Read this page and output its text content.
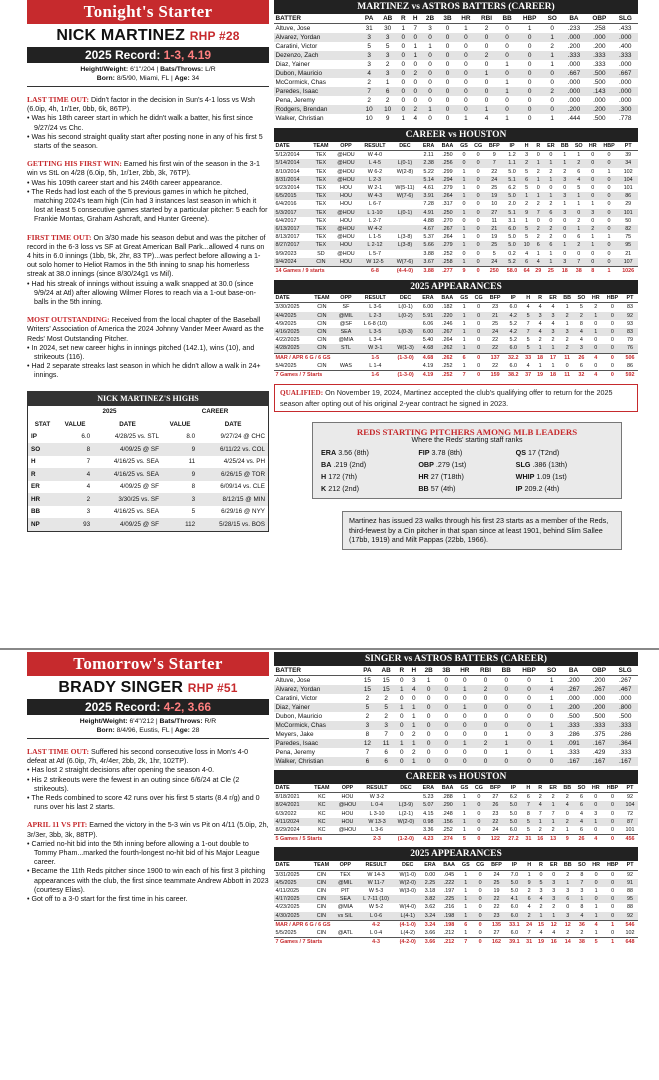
Tonight's Starter
NICK MARTINEZ RHP #28
2025 Record: 1-3, 4.19
Height/Weight: 6'1"/204 | Bats/Throws: L/R
Born: 8/5/90, Miami, FL | Age: 34
LAST TIME OUT: Didn't factor in the decision in Sun's 4-1 loss vs Wsh (6.0ip, 4h, 1r/1er, 0bb, 6k, 86TP).
• Was his 18th career start in which he didn't walk a batter, his first since 9/27/24 vs Chc.
• Was his second straight quality start after posting none in any of his first 5 starts of the season.
GETTING HIS FIRST WIN: Earned his first win of the season in the 3-1 win vs StL on 4/28 (6.0ip, 5h, 1r/1er, 2bb, 3k, 76TP).
• Was his 109th career start and his 246th career appearance.
• The Reds had lost each of the 5 previous games in which he pitched, matching 2024's team high (Cin had 3 instances last season in which it lost at least 5 consecutive games started by a particular pitcher: 5 each for Frankie Montas, Graham Ashcraft, and Hunter Greene).
FIRST TIME OUT: On 3/30 made his season debut and was the pitcher of record in the 6-3 loss vs SF at Great American Ball Park...allowed 4 runs on 4 hits in 6.0 innings (1bb, 5k, 2hr, 83 TP)...was perfect before allowing a 1-out solo homer to Heliot Ramos in the 5th inning to snap his homerless streak at 38.0 innings (since 8/30/24g1 vs Mil).
• Had his streak of innings without issuing a walk snapped at 30.0 (since 9/9/24 at Atl) after allowing Wilmer Flores to reach via a 1-out base-on-balls in the 5th inning.
MOST OUTSTANDING: Received from the local chapter of the Baseball Writers' Association of America the 2024 Johnny Vander Meer Award as the Reds' Most Outstanding Pitcher.
• In 2024, set new career highs in innings pitched (142.1), wins (10), and strikeouts (116).
• Had 2 separate streaks last season in which he didn't allow a walk in 24+ innings.
NICK MARTINEZ'S HIGHS
	2025		CAREER	
STAT	VALUE	DATE	VALUE	DATE
IP	6.0	4/28/25 vs. STL	8.0	9/27/24 @ CHC
SO	8	4/09/25 @ SF	9	6/11/22 vs. COL
H	7	4/16/25 vs. SEA	11	4/25/24 vs. PH
R	4	4/16/25 vs. SEA	9	6/26/15 @ TOR
ER	4	4/09/25 @ SF	8	6/09/14 vs. CLE
HR	2	3/30/25 vs. SF	3	8/12/15 @ MIN
BB	3	4/16/25 vs. SEA	5	6/29/16 @ NYY
NP	93	4/09/25 @ SF	112	5/28/15 vs. BOS
MARTINEZ vs ASTROS BATTERS (CAREER)
BATTER	PA	AB	R	H	2B	3B	HR	RBI	BB	HBP	SO	BA	OBP	SLG
Altuve, Jose	31	30	1	7	3	0	1	2	0	1	0	.233	.258	.433
Alvarez, Yordan	3	3	0	0	0	0	0	0	0	0	1	.000	.000	.000
Caratini, Victor	5	5	0	1	1	0	0	0	0	0	2	.200	.200	.400
Dezenzo, Zach	3	3	0	1	0	0	0	2	0	0	1	.333	.333	.333
Diaz, Yainer	3	2	0	0	0	0	0	0	1	0	1	.000	.333	.000
Dubon, Mauricio	4	3	0	2	0	0	0	1	0	0	0	.667	.500	.667
McCormick, Chas	2	1	0	0	0	0	0	0	1	0	0	.000	.500	.000
Paredes, Isaac	7	6	0	0	0	0	0	0	1	0	2	.000	.143	.000
Pena, Jeremy	2	2	0	0	0	0	0	0	0	0	0	.000	.000	.000
Rodgers, Brendan	10	10	0	2	1	0	0	1	0	0	0	.200	.200	.300
Walker, Christian	10	9	1	4	0	0	1	4	1	0	1	.444	.500	.778
CAREER vs HOUSTON
DATE	TEAM	OPP	RESULT	DEC	ERA	BAA	GS	CG	BFP	IP	H	R	ER	BB	SO	HR	HBP	PT
5/12/2014	TEX	@HOU	W 4-0		2.11	.250	0	0	9	1.2	3	0	0	1	1	0	0	39
5/14/2014	TEX	@HOU	L 4-5	L(0-1)	2.38	.256	0	0	7	1.1	2	1	1	1	2	0	0	34
8/10/2014	TEX	@HOU	W 6-2	W(2-8)	5.22	.299	1	0	22	5.0	5	2	2	2	6	0	1	102
8/31/2014	TEX	@HOU	L 2-3		5.14	.294	1	0	24	5.1	6	1	1	3	4	0	0	104
9/23/2014	TEX	HOU	W 2-1	W(5-11)	4.61	.279	1	0	25	6.2	5	0	0	0	5	0	0	101
6/5/2015	TEX	HOU	W 4-3	W(7-6)	3.91	.264	1	0	19	5.0	1	1	1	3	1	0	0	86
6/4/2016	TEX	HOU	L 6-7		7.28	.317	0	0	10	2.0	2	2	2	1	1	1	0	29
5/3/2017	TEX	@HOU	L 1-10	L(0-1)	4.91	.250	1	0	27	5.1	9	7	6	3	0	3	0	101
6/4/2017	TEX	HOU	L 2-7		4.88	.270	0	0	11	3.1	1	0	0	0	2	0	0	50
6/13/2017	TEX	@HOU	W 4-2		4.67	.267	1	0	21	6.0	5	2	2	0	1	2	0	82
8/13/2017	TEX	@HOU	L 1-5	L(3-8)	5.37	.264	1	0	19	5.0	5	2	2	0	6	1	1	75
8/27/2017	TEX	HOU	L 2-12	L(3-8)	5.66	.279	1	0	25	5.0	10	6	6	1	2	1	0	95
9/9/2023	SD	@HOU	L 5-7		3.88	.252	0	0	5	0.2	4	1	1	0	0	0	0	21
9/4/2024	CIN	HOU	W 12-5	W(7-6)	3.67	.258	1	0	24	5.2	6	4	1	3	7	0	0	107
14 Games / 9 starts			6-8	(4-4-0)	3.88	.277	9	0	250	58.0	64	29	25	18	38	8	1	1026
2025 APPEARANCES
DATE	TEAM	OPP	RESULT	DEC	ERA	BAA	GS	CG	BFP	IP	H	R	ER	BB	SO	HR	HBP	PT
3/30/2025	CIN	SF	L 3-6	L(0-1)	6.00	.182	1	0	23	6.0	4	4	4	1	5	2	0	83
4/4/2025	CIN	@MIL	L 2-3	L(0-2)	5.91	.220	1	0	21	4.2	5	3	3	2	2	1	0	92
4/9/2025	CIN	@SF	L 6-8 (10)		6.06	.246	1	0	25	5.2	7	4	4	1	8	0	0	93
4/16/2025	CIN	SEA	L 3-5	L(0-3)	6.00	.267	1	0	24	4.2	7	4	3	3	4	1	0	83
4/22/2025	CIN	@MIA	L 3-4		5.40	.264	1	0	22	5.2	5	2	2	2	4	0	0	79
4/28/2025	CIN	STL	W 3-1	W(1-3)	4.68	.262	1	0	22	6.0	5	1	1	2	3	0	0	76
MAR / APR 6 G / 6 GS			1-5	(1-3-0)	4.68	.262	6	0	137	32.2	33	18	17	11	26	4	0	506
5/4/2025	CIN	WAS	L 1-4		4.19	.252	1	0	22	6.0	4	1	1	0	6	0	0	86
7 Games / 7 Starts			1-6	(1-3-0)	4.19	.252	7	0	159	38.2	37	19	18	11	32	4	0	592
QUALIFIED: On November 19, 2024, Martinez accepted the club's qualifying offer to return for the 2025 season after opting out of his original 2-year contract he signed in 2023.
REDS STARTING PITCHERS AMONG MLB LEADERS
Where the Reds' starting staff ranks
ERA 3.56 (8th)	FIP 3.78 (8th)	QS 17 (T2nd)
BA .219 (2nd)	OBP .279 (1st)	SLG .386 (13th)
H 172 (7th)	HR 27 (T18th)	WHIP 1.09 (1st)
K 212 (2nd)	BB 57 (4th)	IP 209.2 (4th)
Martinez has issued 23 walks through his first 23 starts as a member of the Reds, third-fewest by a Cin pitcher in that span since at least 1901, behind Slim Sallee (17bb, 1919) and Milt Pappas (22bb, 1966).
Tomorrow's Starter
BRADY SINGER RHP #51
2025 Record: 4-2, 3.66
Height/Weight: 6'4"/212 | Bats/Throws: R/R
Born: 8/4/96, Eustis, FL | Age: 28
LAST TIME OUT: Suffered his second consecutive loss in Mon's 4-0 defeat at Atl (6.0ip, 7h, 4r/4er, 2bb, 2k, 1hr, 102TP).
• Has lost 2 straight decisions after opening the season 4-0.
• His 2 strikeouts were the fewest in an outing since 6/6/24 at Cle (2 strikeouts).
• The Reds combined to score 42 runs over his first 5 starts (8.4 r/g) and 0 runs over his last 2 starts.
APRIL 11 VS PIT: Earned the victory in the 5-3 win vs Pit on 4/11 (5.0ip, 2h, 3r/3er, 3bb, 3k, 88TP).
• Carried no-hit bid into the 5th inning before allowing a 1-out double to Tommy Pham...marked the fourth-longest no-hit bid of his Major League career.
• Became the 11th Reds pitcher since 1900 to win each of his first 3 pitching appearances with the club, the first since teammate Andrew Abbott in 2023 (courtesy Elias).
• Got off to a 3-0 start for the first time in his career.
SINGER vs ASTROS BATTERS (CAREER)
BATTER	PA	AB	R	H	2B	3B	HR	RBI	BB	HBP	SO	BA	OBP	SLG
Altuve, Jose	15	15	0	3	1	0	0	0	0	0	1	.200	.200	.267
Alvarez, Yordan	15	15	1	4	0	0	1	2	0	0	4	.267	.267	.467
Caratini, Victor	2	2	0	0	0	0	0	0	0	0	1	.000	.000	.000
Diaz, Yainer	5	5	1	1	0	0	1	0	0	0	1	.200	.200	.800
Dubon, Mauricio	2	2	0	1	0	0	0	0	0	0	0	.500	.500	.500
McCormick, Chas	3	3	0	1	0	0	0	0	0	0	1	.333	.333	.333
Meyers, Jake	8	7	0	2	0	0	0	0	1	0	3	.286	.375	.286
Paredes, Isaac	12	11	1	1	0	0	1	2	1	0	1	.091	.167	.364
Pena, Jeremy	7	6	0	2	0	0	0	0	1	0	1	.333	.429	.333
Walker, Christian	6	6	0	1	0	0	0	0	0	0	0	.167	.167	.167
CAREER vs HOUSTON
DATE	TEAM	OPP	RESULT	DEC	ERA	BAA	GS	CG	BFP	IP	H	R	ER	BB	SO	HR	HBP	PT
8/18/2021	KC	HOU	W 3-2		5.23	.288	1	0	27	6.2	6	2	2	2	6	0	0	92
8/24/2021	KC	@HOU	L 0-4	L(3-9)	5.07	.290	1	0	26	5.0	7	4	1	4	6	0	0	104
6/3/2022	KC	HOU	L 3-10	L(2-1)	4.15	.248	1	0	23	5.0	8	7	7	0	4	3	0	72
4/11/2024	KC	HOU	W 13-3	W(2-0)	0.98	.156	1	0	22	5.0	5	1	1	2	4	1	0	87
8/29/2024	KC	@HOU	L 3-6		3.36	.252	1	0	24	6.0	5	2	2	1	6	0	0	101
5 Games / 5 Starts			2-3	(1-2-0)	4.23	.274	5	0	122	27.2	31	16	13	9	26	4	0	456
2025 APPEARANCES
DATE	TEAM	OPP	RESULT	DEC	ERA	BAA	GS	CG	BFP	IP	H	R	ER	BB	SO	HR	HBP	PT
3/31/2025	CIN	TEX	W 14-3	W(1-0)	0.00	.045	1	0	24	7.0	1	0	0	2	8	0	0	92
4/5/2025	CIN	@MIL	W 11-7	W(2-0)	2.25	.222	1	0	25	5.0	9	5	3	1	7	0	0	91
4/11/2025	CIN	PIT	W 5-3	W(3-0)	3.18	.197	1	0	19	5.0	2	3	3	3	3	1	0	88
4/17/2025	CIN	SEA	L 7-11 (10)		3.82	.225	1	0	22	4.1	6	4	3	6	1	0	0	95
4/23/2025	CIN	@MIA	W 5-2	W(4-0)	3.62	.216	1	0	22	6.0	4	2	2	0	8	1	0	88
4/30/2025	CIN	vs SIL	L 0-6	L(4-1)	3.24	.198	1	0	23	6.0	2	1	1	3	4	1	0	92
MAR / APR 6 G / 6 GS			4-2	(4-1-0)	3.24	.198	6	0	135	33.1	24	15	12	12	36	4	1	546
5/5/2025	CIN	@ATL	L 0-4	L(4-2)	3.66	.212	1	0	27	6.0	7	4	4	2	2	1	0	102
7 Games / 7 Starts			4-3	(4-2-0)	3.66	.212	7	0	162	39.1	31	19	16	14	38	5	1	648
